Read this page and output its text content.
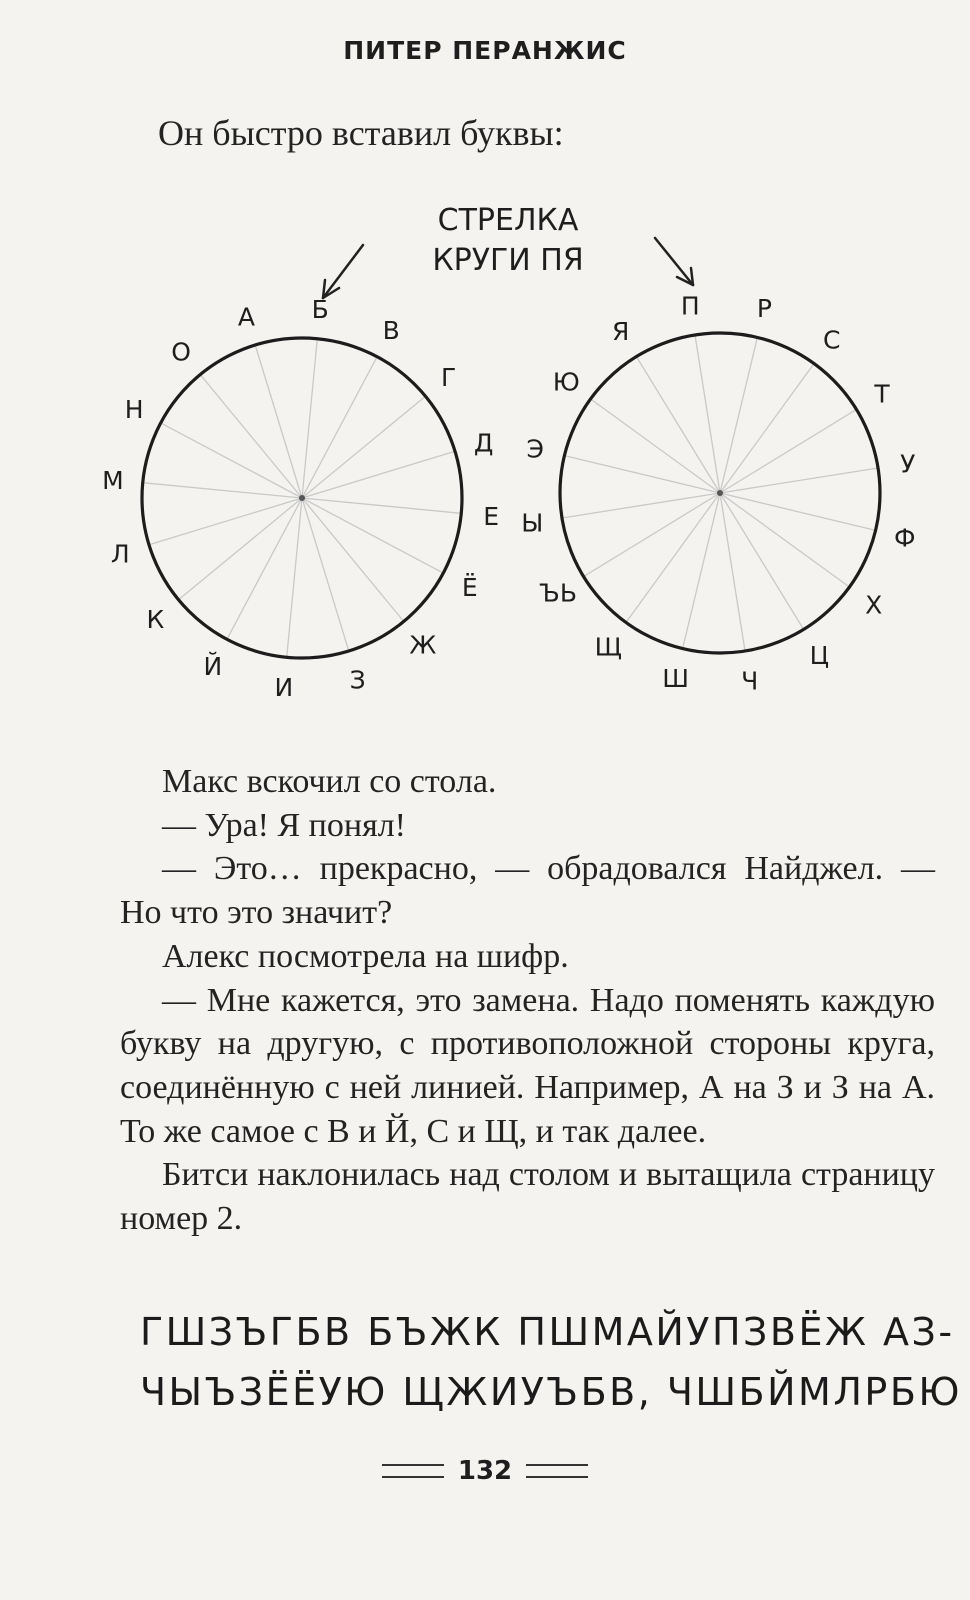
ПИТЕР ПЕРАНЖИС

Он быстро вставил буквы:

А Б
В
Г
Д
Е
Ё
Ж
З
И
Й
К
Л
М
Н
О
П Р
С
Т
У
Ф
Х
Ц
Ч
Ш
Щ
ЪЬ
Ы
Э
Ю
Я
СТРЕЛКА
КРУГИ ПЯ

Макс вскочил со стола.

— Ура! Я понял!

— Это… прекрасно, — обрадовался Найджел. —

Но что это значит?

Алекс посмотрела на шифр.

— Мне кажется, это замена. Надо поменять каждую букву на другую, с противоположной стороны круга, соединённую с ней линией. Например, А на З и З на А. То же самое с В и Й, С и Щ, и так далее.

Битси наклонилась над столом и вытащила страницу номер 2.

ГШЗЪГБВ БЪЖК ПШМАЙУПЗВЁЖ АЗ-
ЧЫЪЗЁЁУЮ ЩЖИУЪБВ, ЧШБЙМЛРБЮ
132
